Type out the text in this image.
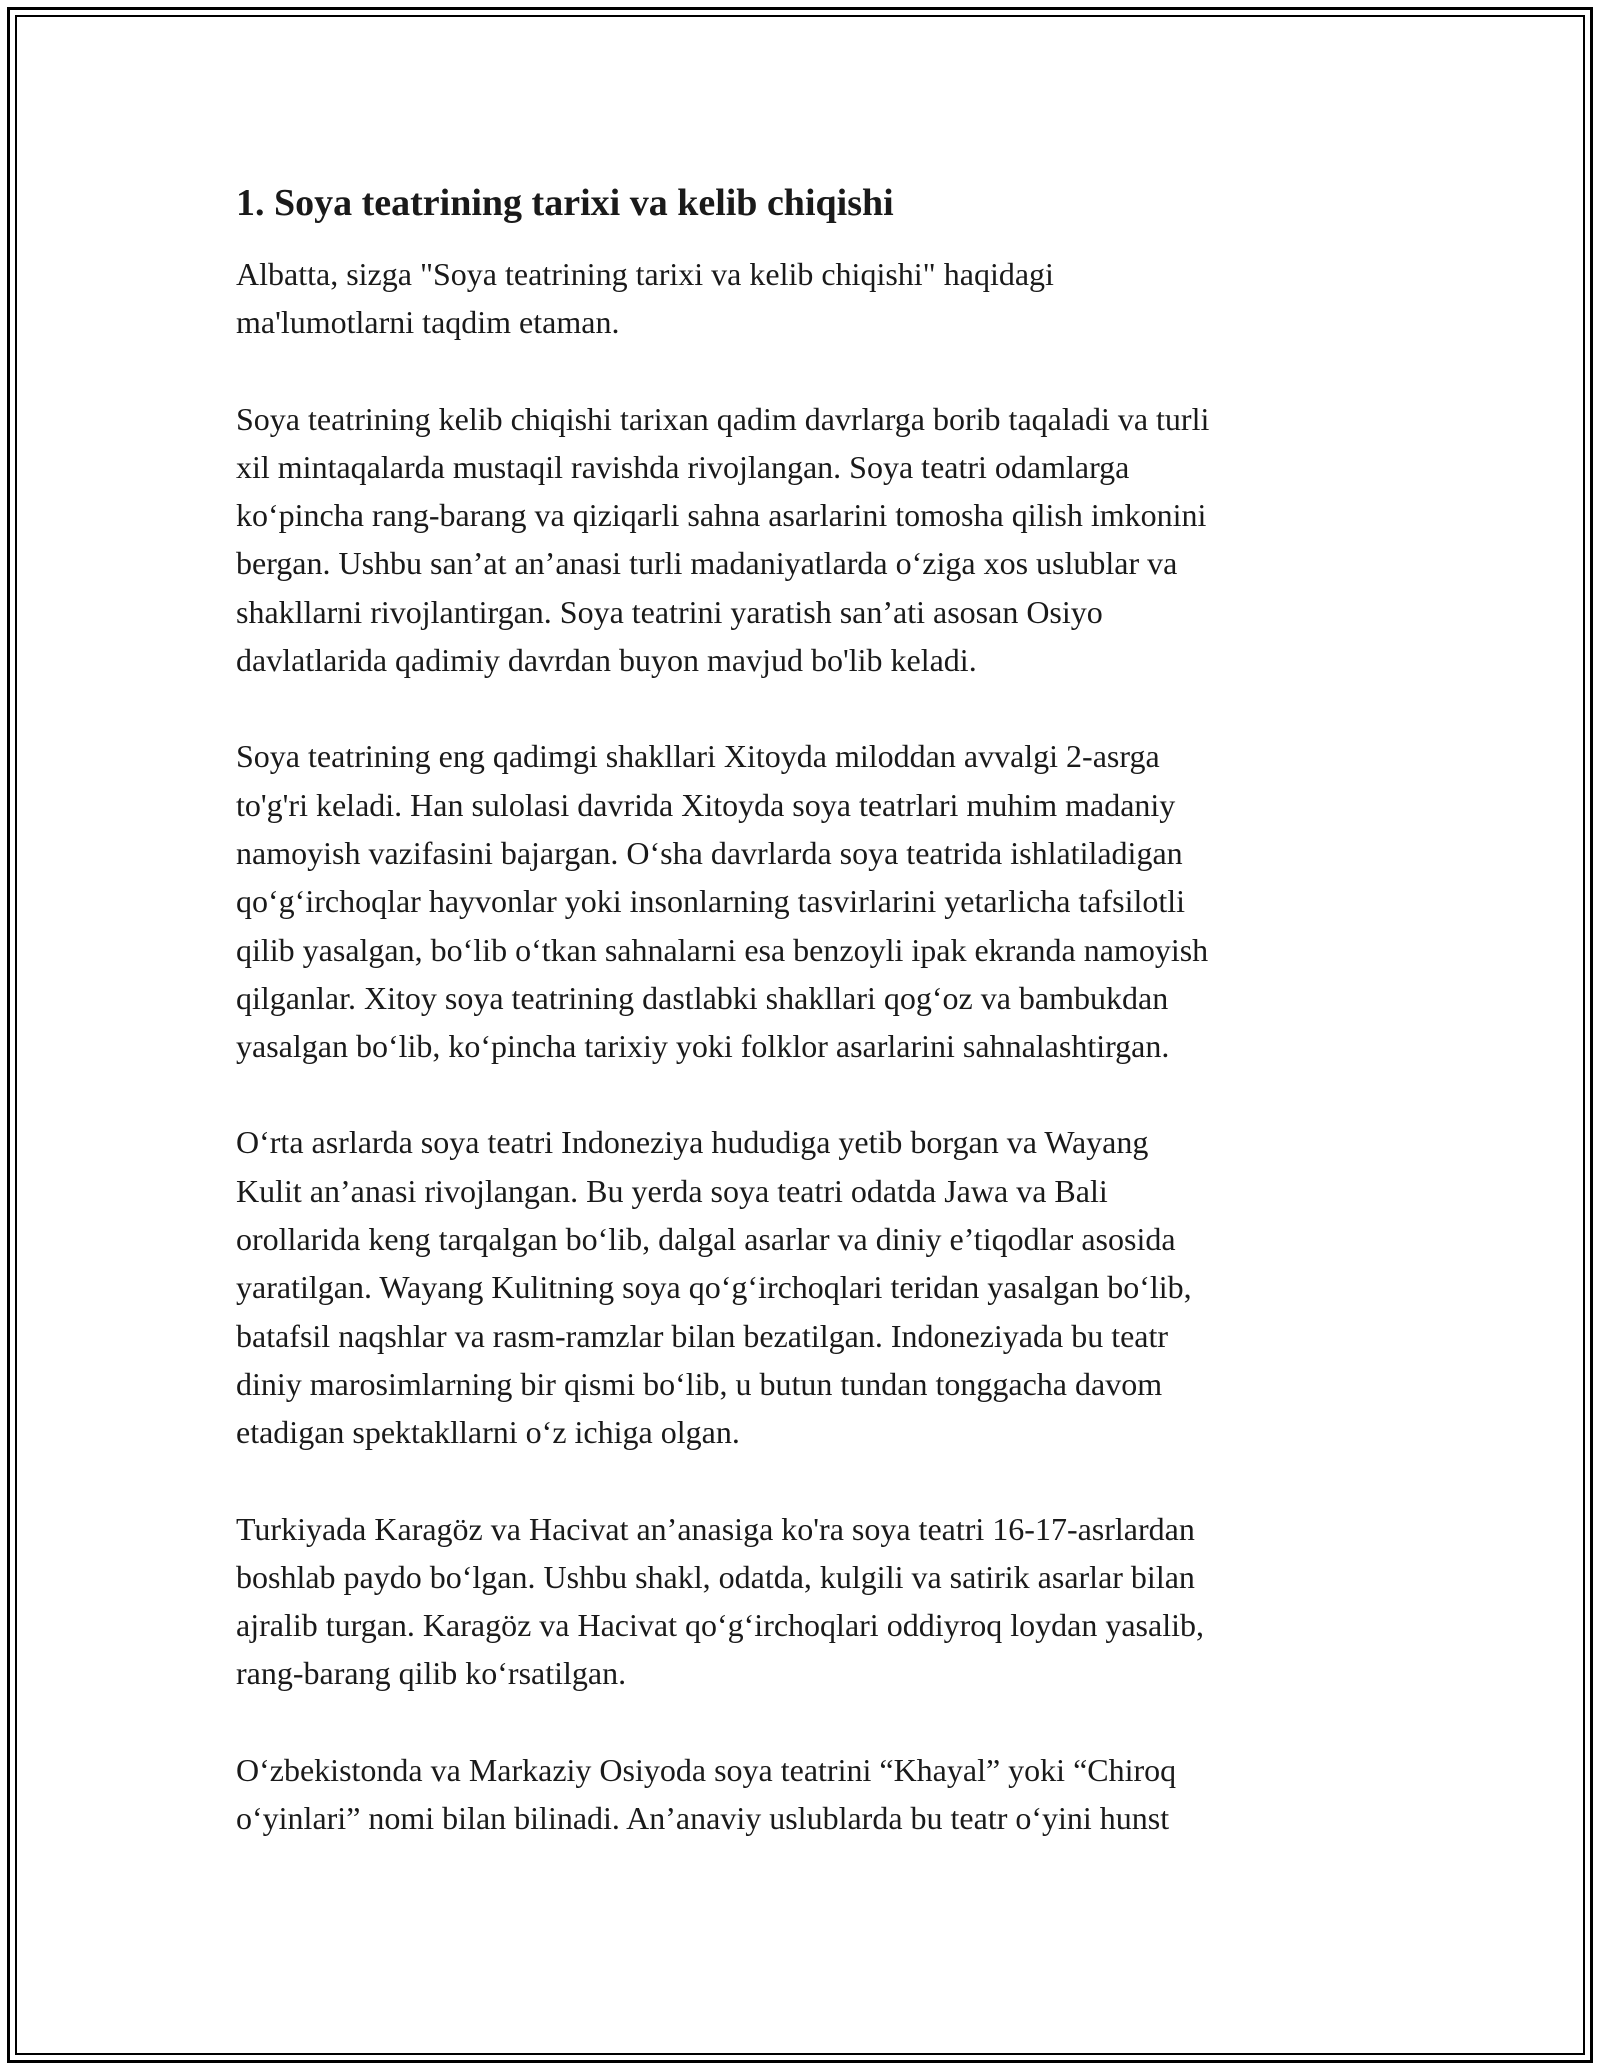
1. Soya teatrining tarixi va kelib chiqishi
Albatta, sizga "Soya teatrining tarixi va kelib chiqishi" haqidagi
ma'lumotlarni taqdim etaman.
Soya teatrining kelib chiqishi tarixan qadim davrlarga borib taqaladi va turli
xil mintaqalarda mustaqil ravishda rivojlangan. Soya teatri odamlarga
ko‘pincha rang-barang va qiziqarli sahna asarlarini tomosha qilish imkonini
bergan. Ushbu san’at an’anasi turli madaniyatlarda o‘ziga xos uslublar va
shakllarni rivojlantirgan. Soya teatrini yaratish san’ati asosan Osiyo
davlatlarida qadimiy davrdan buyon mavjud bo'lib keladi.
Soya teatrining eng qadimgi shakllari Xitoyda miloddan avvalgi 2-asrga
to'g'ri keladi. Han sulolasi davrida Xitoyda soya teatrlari muhim madaniy
namoyish vazifasini bajargan. O‘sha davrlarda soya teatrida ishlatiladigan
qo‘g‘irchoqlar hayvonlar yoki insonlarning tasvirlarini yetarlicha tafsilotli
qilib yasalgan, bo‘lib o‘tkan sahnalarni esa benzoyli ipak ekranda namoyish
qilganlar. Xitoy soya teatrining dastlabki shakllari qog‘oz va bambukdan
yasalgan bo‘lib, ko‘pincha tarixiy yoki folklor asarlarini sahnalashtirgan.
O‘rta asrlarda soya teatri Indoneziya hududiga yetib borgan va Wayang
Kulit an’anasi rivojlangan. Bu yerda soya teatri odatda Jawa va Bali
orollarida keng tarqalgan bo‘lib, dalgal asarlar va diniy e’tiqodlar asosida
yaratilgan. Wayang Kulitning soya qo‘g‘irchoqlari teridan yasalgan bo‘lib,
batafsil naqshlar va rasm-ramzlar bilan bezatilgan. Indoneziyada bu teatr
diniy marosimlarning bir qismi bo‘lib, u butun tundan tonggacha davom
etadigan spektakllarni o‘z ichiga olgan.
Turkiyada Karagöz va Hacivat an’anasiga ko'ra soya teatri 16-17-asrlardan
boshlab paydo bo‘lgan. Ushbu shakl, odatda, kulgili va satirik asarlar bilan
ajralib turgan. Karagöz va Hacivat qo‘g‘irchoqlari oddiyroq loydan yasalib,
rang-barang qilib ko‘rsatilgan.
O‘zbekistonda va Markaziy Osiyoda soya teatrini “Khayal” yoki “Chiroq
o‘yinlari” nomi bilan bilinadi. An’anaviy uslublarda bu teatr o‘yini hunst
